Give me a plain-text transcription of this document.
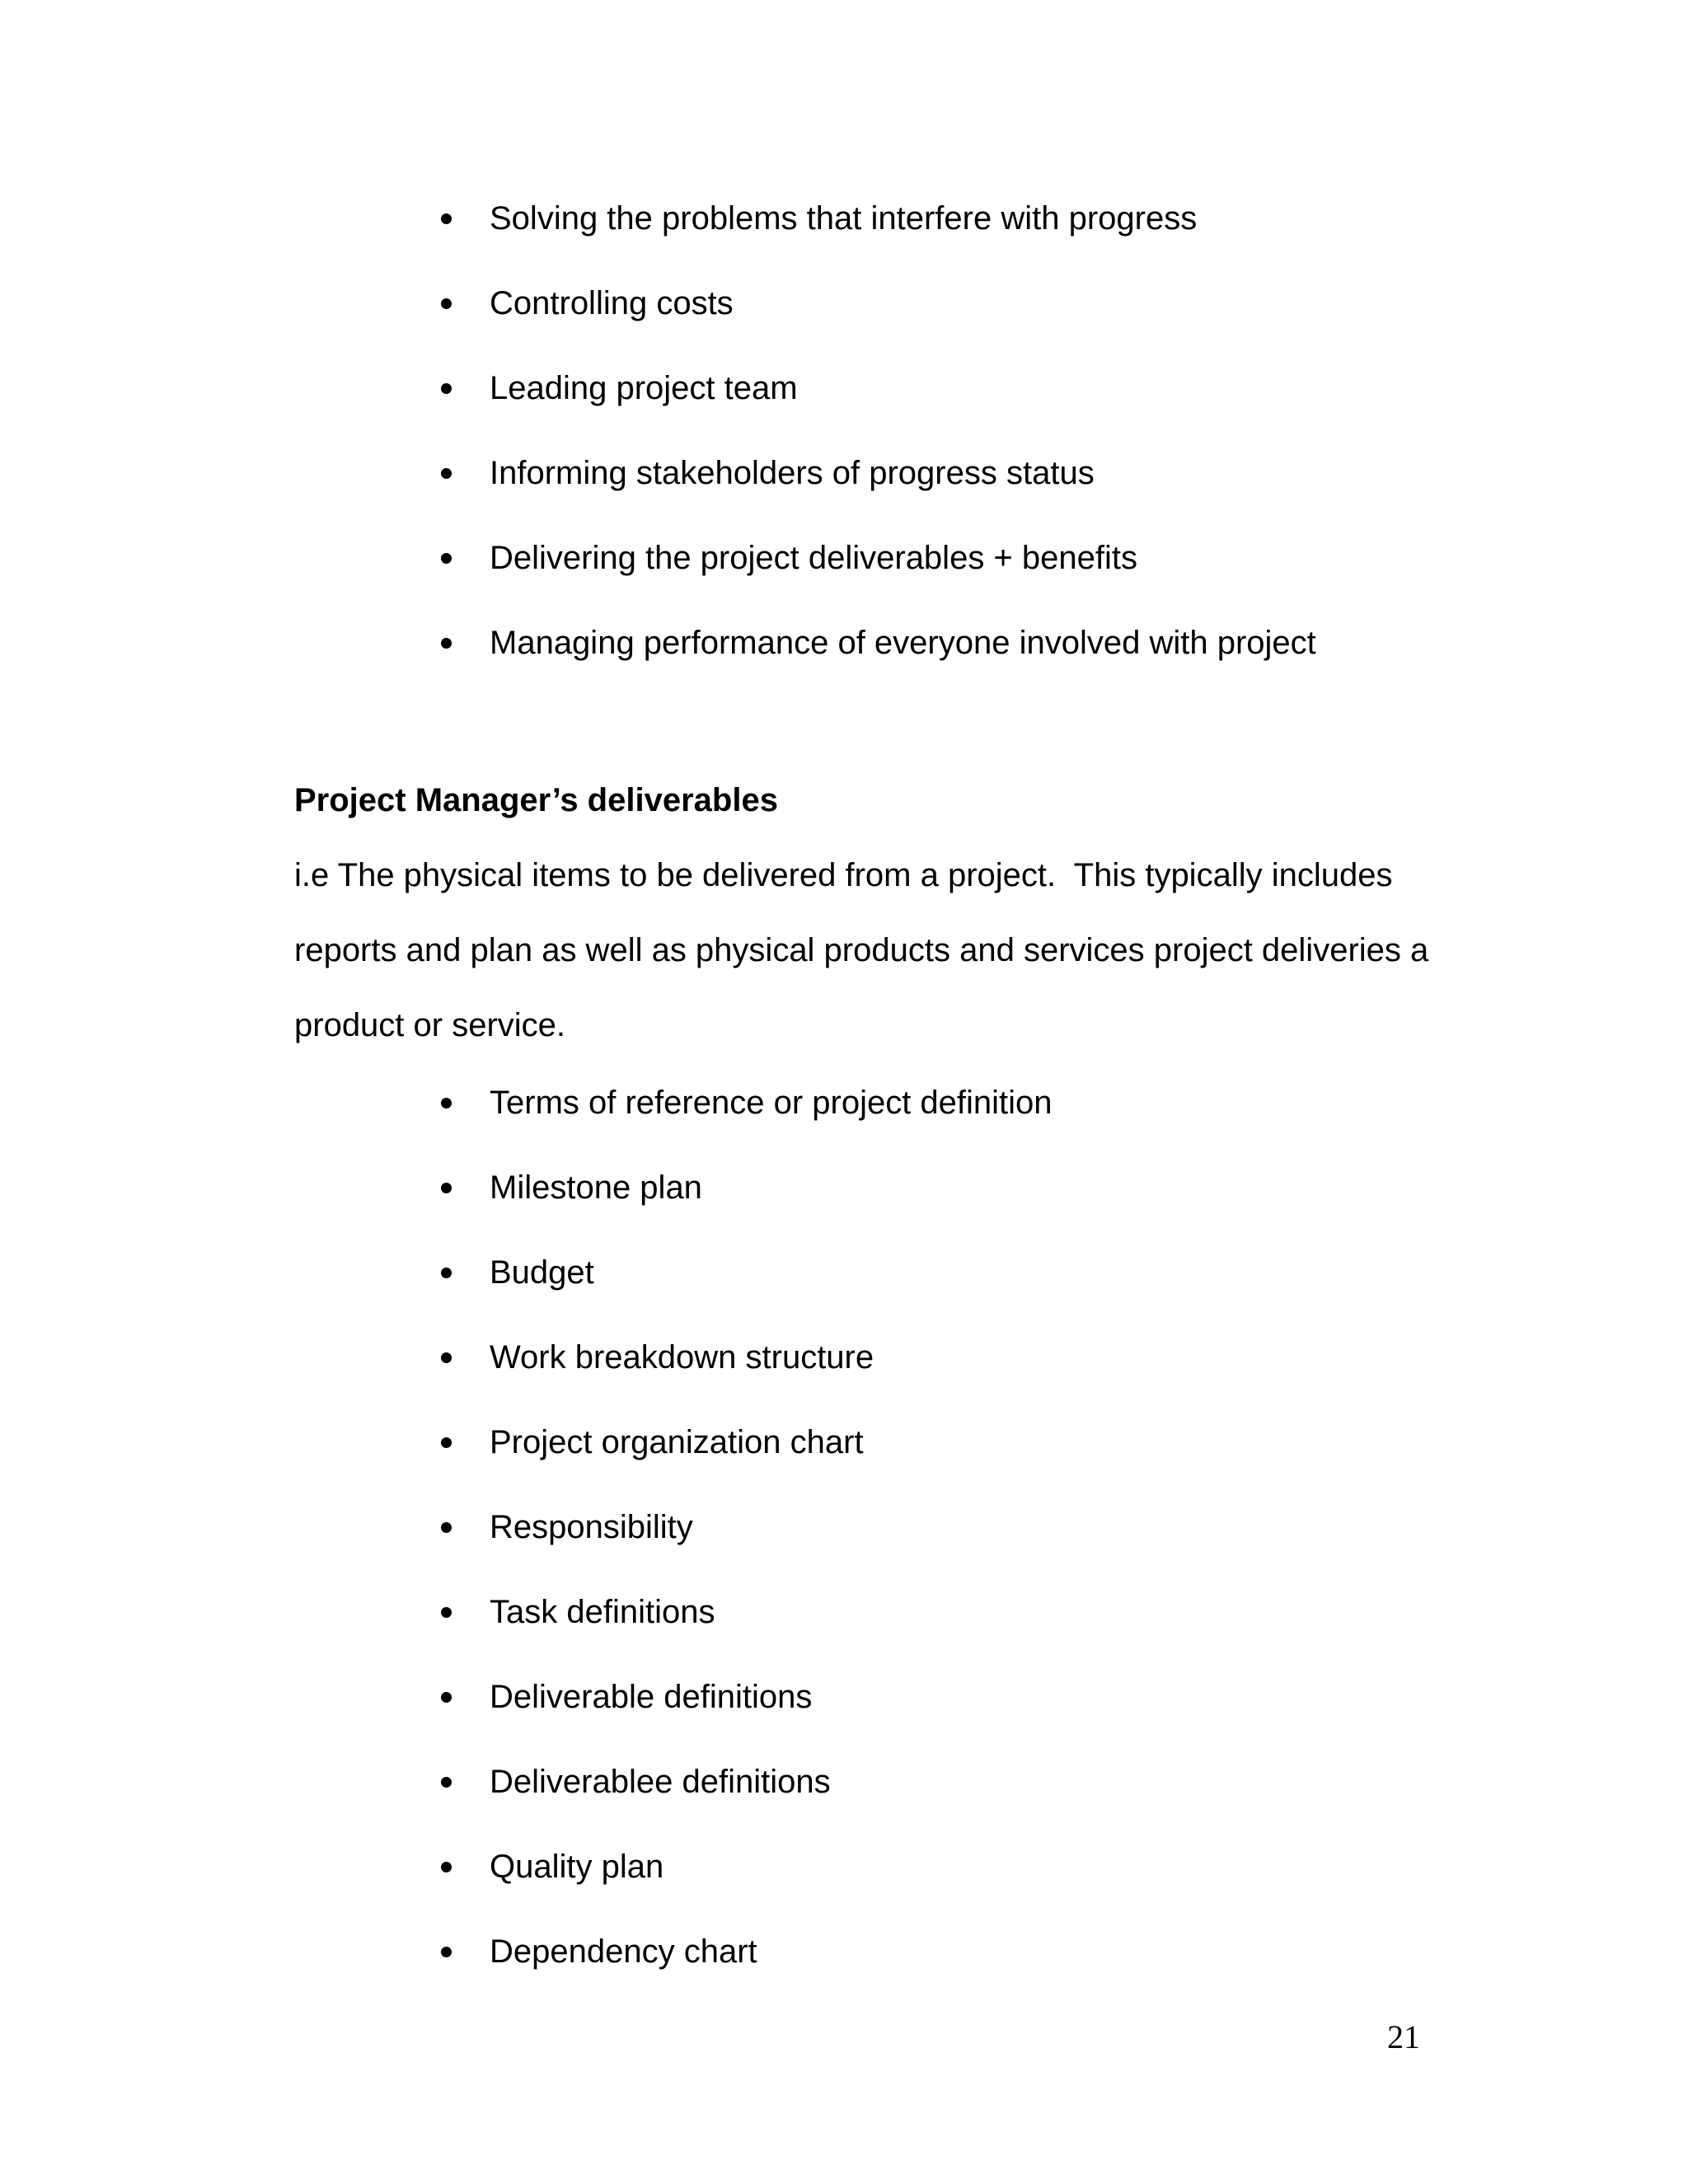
Solving the problems that interfere with progress
Controlling costs
Leading project team
Informing stakeholders of progress status
Delivering the project deliverables + benefits
Managing performance of everyone involved with project
Project Manager’s deliverables
i.e The physical items to be delivered from a project.  This typically includes
reports and plan as well as physical products and services project deliveries a
product or service.
Terms of reference or project definition
Milestone plan
Budget
Work breakdown structure
Project organization chart
Responsibility
Task definitions
Deliverable definitions
Deliverablee definitions
Quality plan
Dependency chart
21
